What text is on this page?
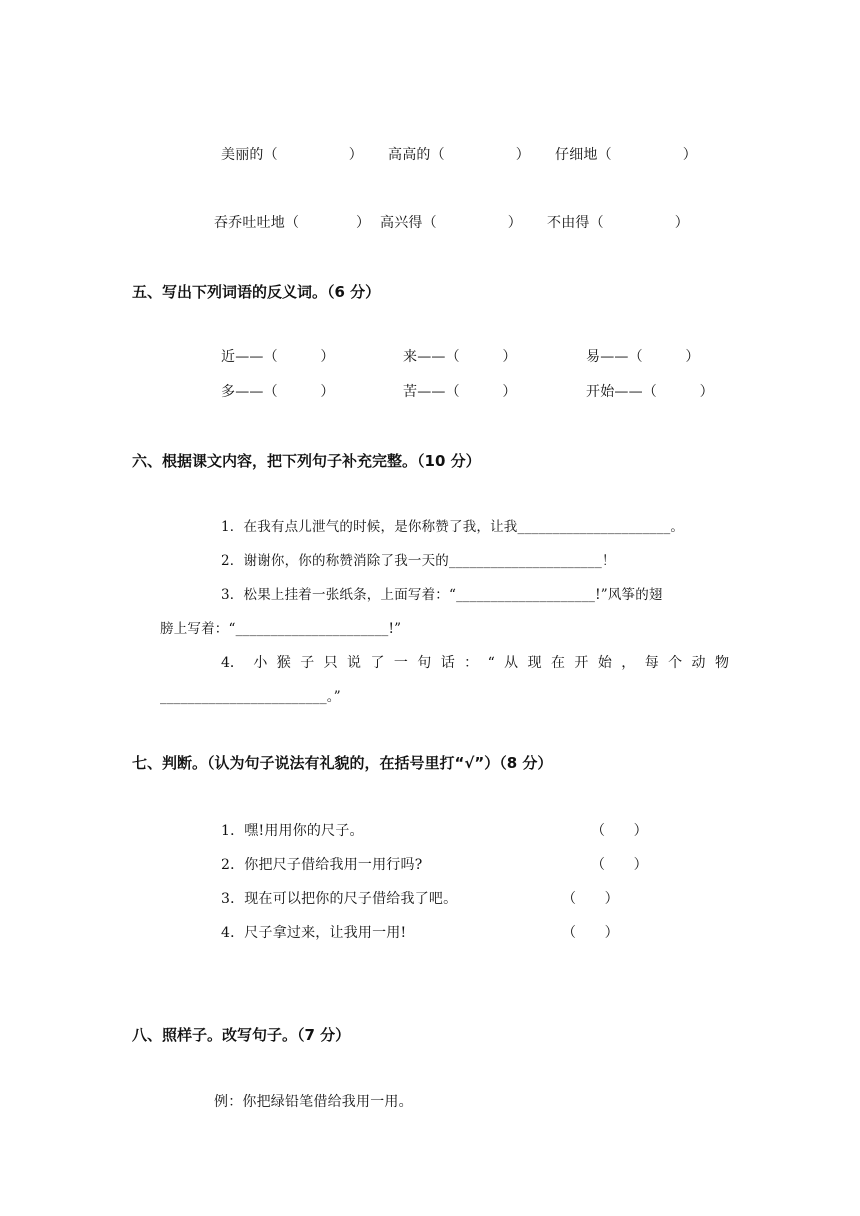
美丽的（　　　　　） 高高的（　　　　　） 仔细地（　　　　　）
吞乔吐吐地（　　　　） 高兴得（　　　　　） 不由得（　　　　　）
五、写出下列词语的反义词。（6 分）
近——（　　　）	来——（　　　）	易——（　　　）
多——（　　　）	苦——（　　　）	开始——（　　　）
六、根据课文内容，把下列句子补充完整。（10 分）
1．在我有点儿泄气的时候，是你称赞了我，让我______________________。
2．谢谢你，你的称赞消除了我一天的______________________！
3．松果上挂着一张纸条，上面写着：“____________________!”风筝的翅
膀上写着：“______________________!”
4． 小 猴 子 只 说 了 一 句 话 ： “ 从 现 在 开 始 ， 每 个 动 物
________________________。”
七、判断。（认为句子说法有礼貌的，在括号里打“√”）（8 分）
1．嘿!用用你的尺子。	（　　）
2．你把尺子借给我用一用行吗?	（　　）
3．现在可以把你的尺子借给我了吧。	（　　）
4．尺子拿过来，让我用一用!	（　　）
八、照样子。改写句子。（7 分）
例：你把绿铅笔借给我用一用。
